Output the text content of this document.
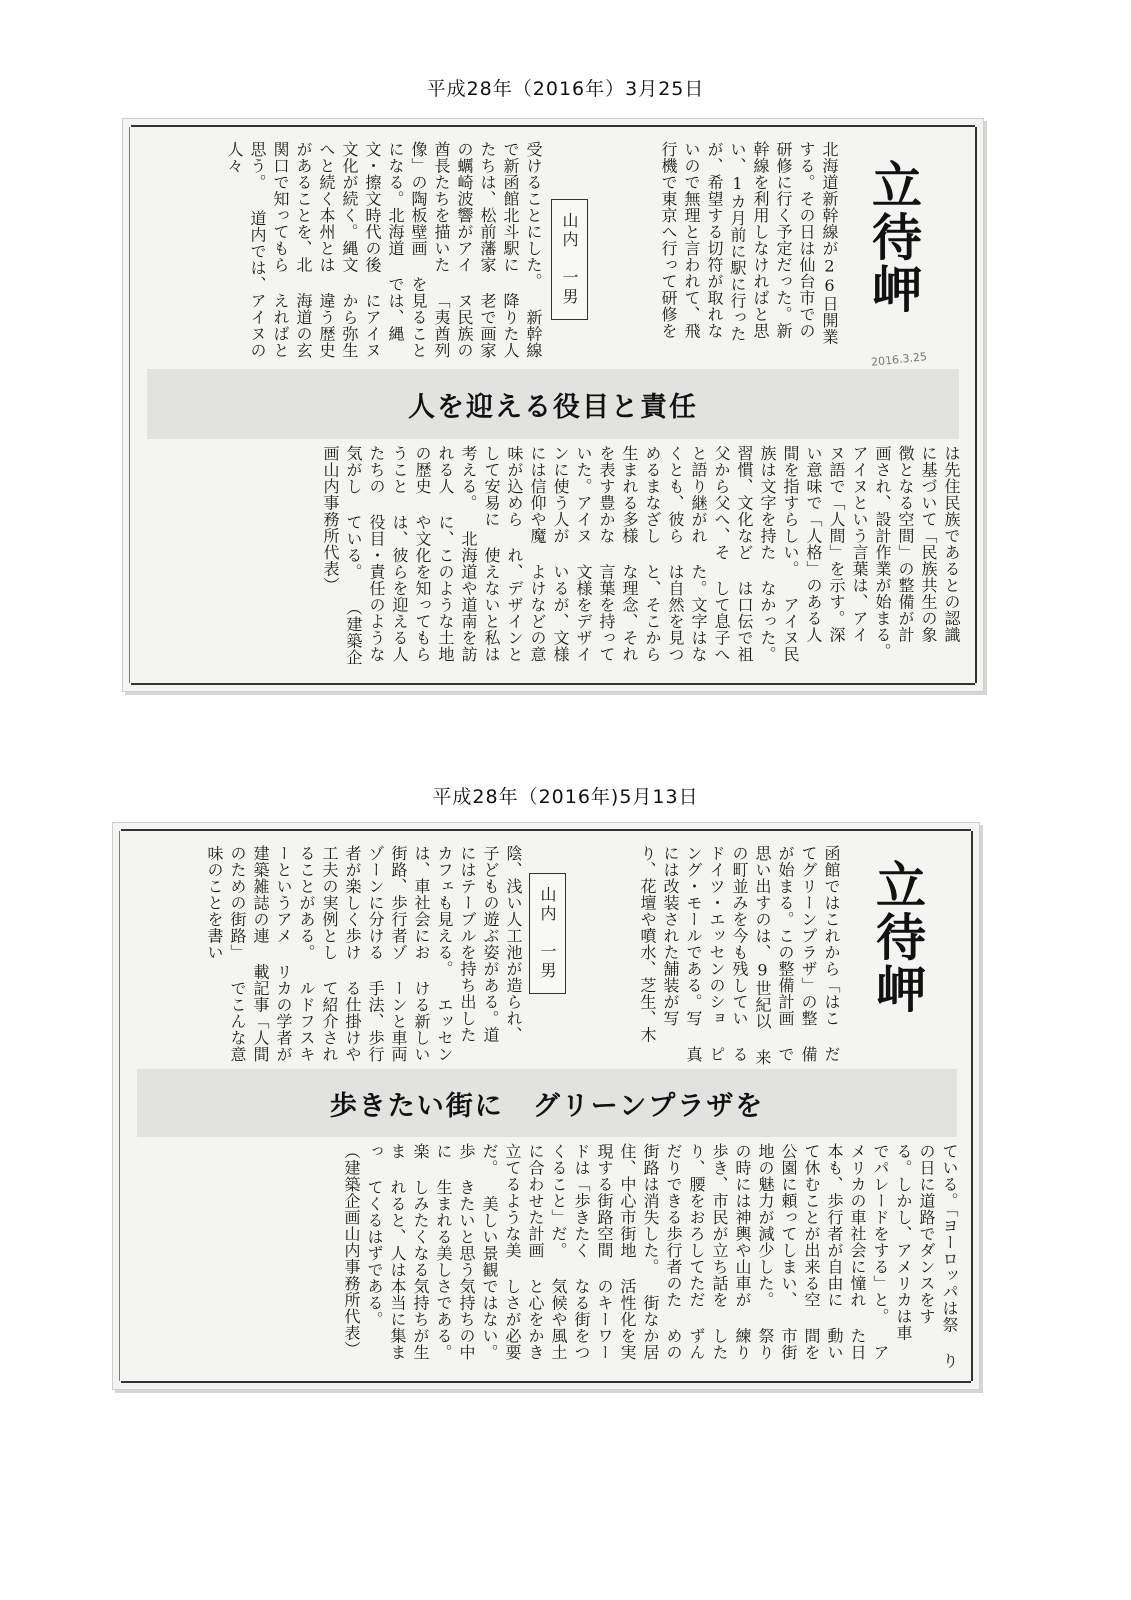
平成28年（2016年）3月25日
立待岬
2016.3.25
山内　一男
人を迎える役目と責任
北海道新幹線が26日開業 する。その日は仙台市での 研修に行く予定だった。新 幹線を利用しなければと思 い、1カ月前に駅に行った が、希望する切符が取れな いので無理と言われて、飛 行機で東京へ行って研修を
受けることにした。 新幹線で新函館北斗駅に 降りた人たちは、松前藩家 老で画家の蠣崎波響がアイ ヌ民族の酋長たちを描いた 「夷酋列像」の陶板壁画 を見ることになる。北海道 では、縄文・擦文時代の後 にアイヌ文化が続く。縄文 から弥生へと続く本州とは 違う歴史があることを、北 海道の玄関口で知ってもら えればと思う。 道内では、アイヌの人々
は先住民族であるとの認識 に基づいて「民族共生の象 徴となる空間」の整備が計 画され、設計作業が始まる。 アイヌという言葉は、アイ ヌ語で「人間」を示す。深 い意味で「人格」のある人 間を指すらしい。 アイヌ民族は文字を持た なかった。習慣、文化など は口伝で祖父から父へ、そ して息子へと語り継がれ た。文字はなくとも、彼ら は自然を見つめるまなざし と、そこから生まれる多様 な理念、それを表す豊かな 言葉を持っていた。アイヌ 文様をデザインに使う人が いるが、文様には信仰や魔 よけなどの意味が込めら れ、デザインとして安易に 使えないと私は考える。 北海道や道南を訪れる人 に、このような土地の歴史 や文化を知ってもらうこと は、彼らを迎える人たちの 役目・責任のような気がし ている。 （建築企画山内事務所代表）
平成28年（2016年)5月13日
立待岬
山内　一男
歩きたい街に　グリーンプラザを
函館ではこれから「はこ だてグリーンプラザ」の整 備が始まる。この整備計画 で思い出すのは、9世紀以 来の町並みを今も残してい るドイツ・エッセンのショ ピング・モールである。写 真には改装された舗装が写 り、花壇や噴水、芝生、木
陰、浅い人工池が造られ、 子どもの遊ぶ姿がある。道 にはテーブルを持ち出した カフェも見える。 エッセンは、車社会にお ける新しい街路、歩行者ゾ ーンと車両ゾーンに分ける 手法、歩行者が楽しく歩け る仕掛けや工夫の実例とし て紹介されることがある。 ルドフスキーというアメ リカの学者が建築雑誌の連 載記事「人間のための街路」 でこんな意味のことを書い
ている。「ヨーロッパは祭 りの日に道路でダンスをす る。しかし、アメリカは車 でパレードをする」と。 アメリカの車社会に憧れ た日本も、歩行者が自由に 動いて休むことが出来る空 間を公園に頼ってしまい、 市街地の魅力が減少した。 祭りの時には神輿や山車が 練り歩き、市民が立ち話を したり、腰をおろしてただ ずんだりできる歩行者のた めの街路は消失した。 街なか居住、中心市街地 活性化を実現する街路空間 のキーワードは「歩きたく なる街をつくること」だ。 気候や風土に合わせた計画 と心をかき立てるような美 しさが必要だ。 美しい景観ではない。歩 きたいと思う気持ちの中に 生まれる美しさである。楽 しみたくなる気持ちが生ま れると、人は本当に集まっ てくるはずである。 （建築企画山内事務所代表）
